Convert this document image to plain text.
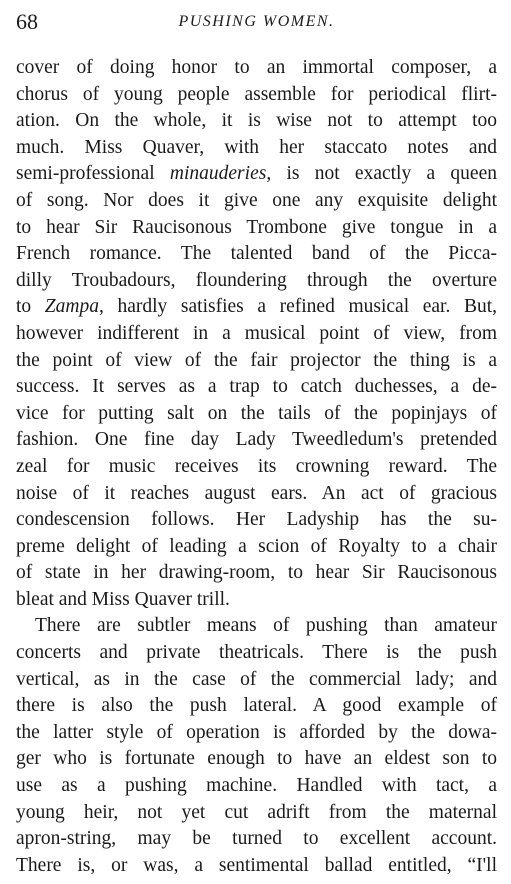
68	PUSHING WOMEN.
cover of doing honor to an immortal composer, a
chorus of young people assemble for periodical flirt-
ation. On the whole, it is wise not to attempt too
much. Miss Quaver, with her staccato notes and
semi-professional minauderies, is not exactly a queen
of song. Nor does it give one any exquisite delight
to hear Sir Raucisonous Trombone give tongue in a
French romance. The talented band of the Picca-
dilly Troubadours, floundering through the overture
to Zampa, hardly satisfies a refined musical ear. But,
however indifferent in a musical point of view, from
the point of view of the fair projector the thing is a
success. It serves as a trap to catch duchesses, a de-
vice for putting salt on the tails of the popinjays of
fashion. One fine day Lady Tweedledum's pretended
zeal for music receives its crowning reward. The
noise of it reaches august ears. An act of gracious
condescension follows. Her Ladyship has the su-
preme delight of leading a scion of Royalty to a chair
of state in her drawing-room, to hear Sir Raucisonous
bleat and Miss Quaver trill.
There are subtler means of pushing than amateur
concerts and private theatricals. There is the push
vertical, as in the case of the commercial lady; and
there is also the push lateral. A good example of
the latter style of operation is afforded by the dowa-
ger who is fortunate enough to have an eldest son to
use as a pushing machine. Handled with tact, a
young heir, not yet cut adrift from the maternal
apron-string, may be turned to excellent account.
There is, or was, a sentimental ballad entitled, “I'll
